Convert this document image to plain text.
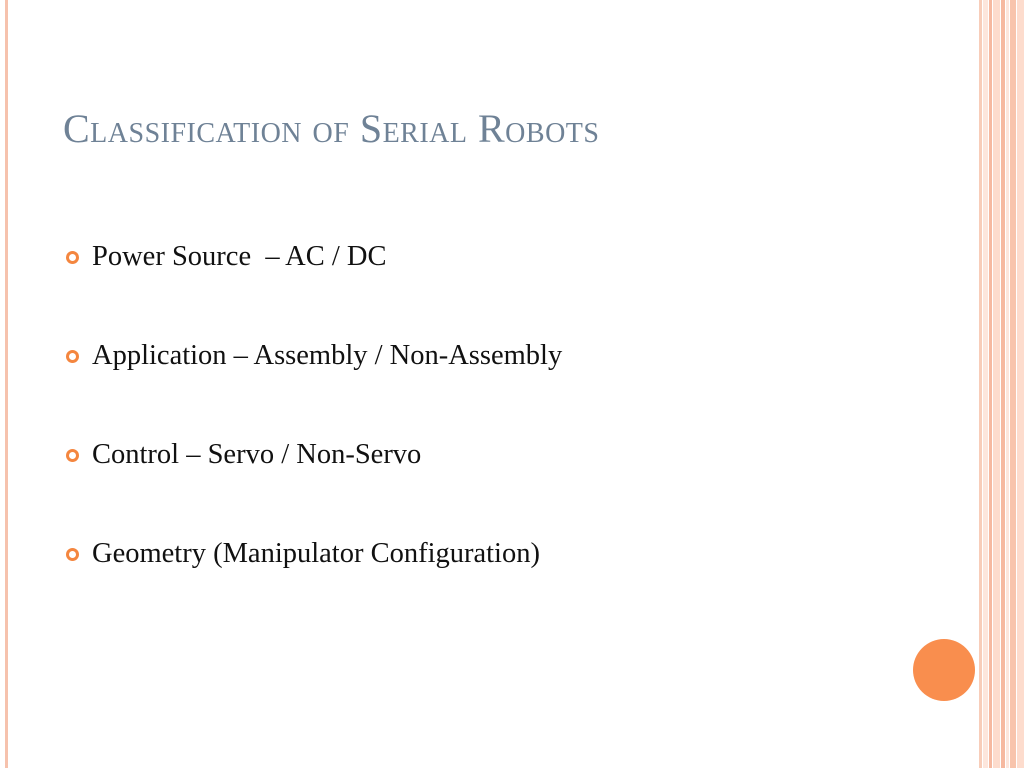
Classification of Serial Robots
Power Source  – AC / DC
Application – Assembly / Non-Assembly
Control – Servo / Non-Servo
Geometry (Manipulator Configuration)
